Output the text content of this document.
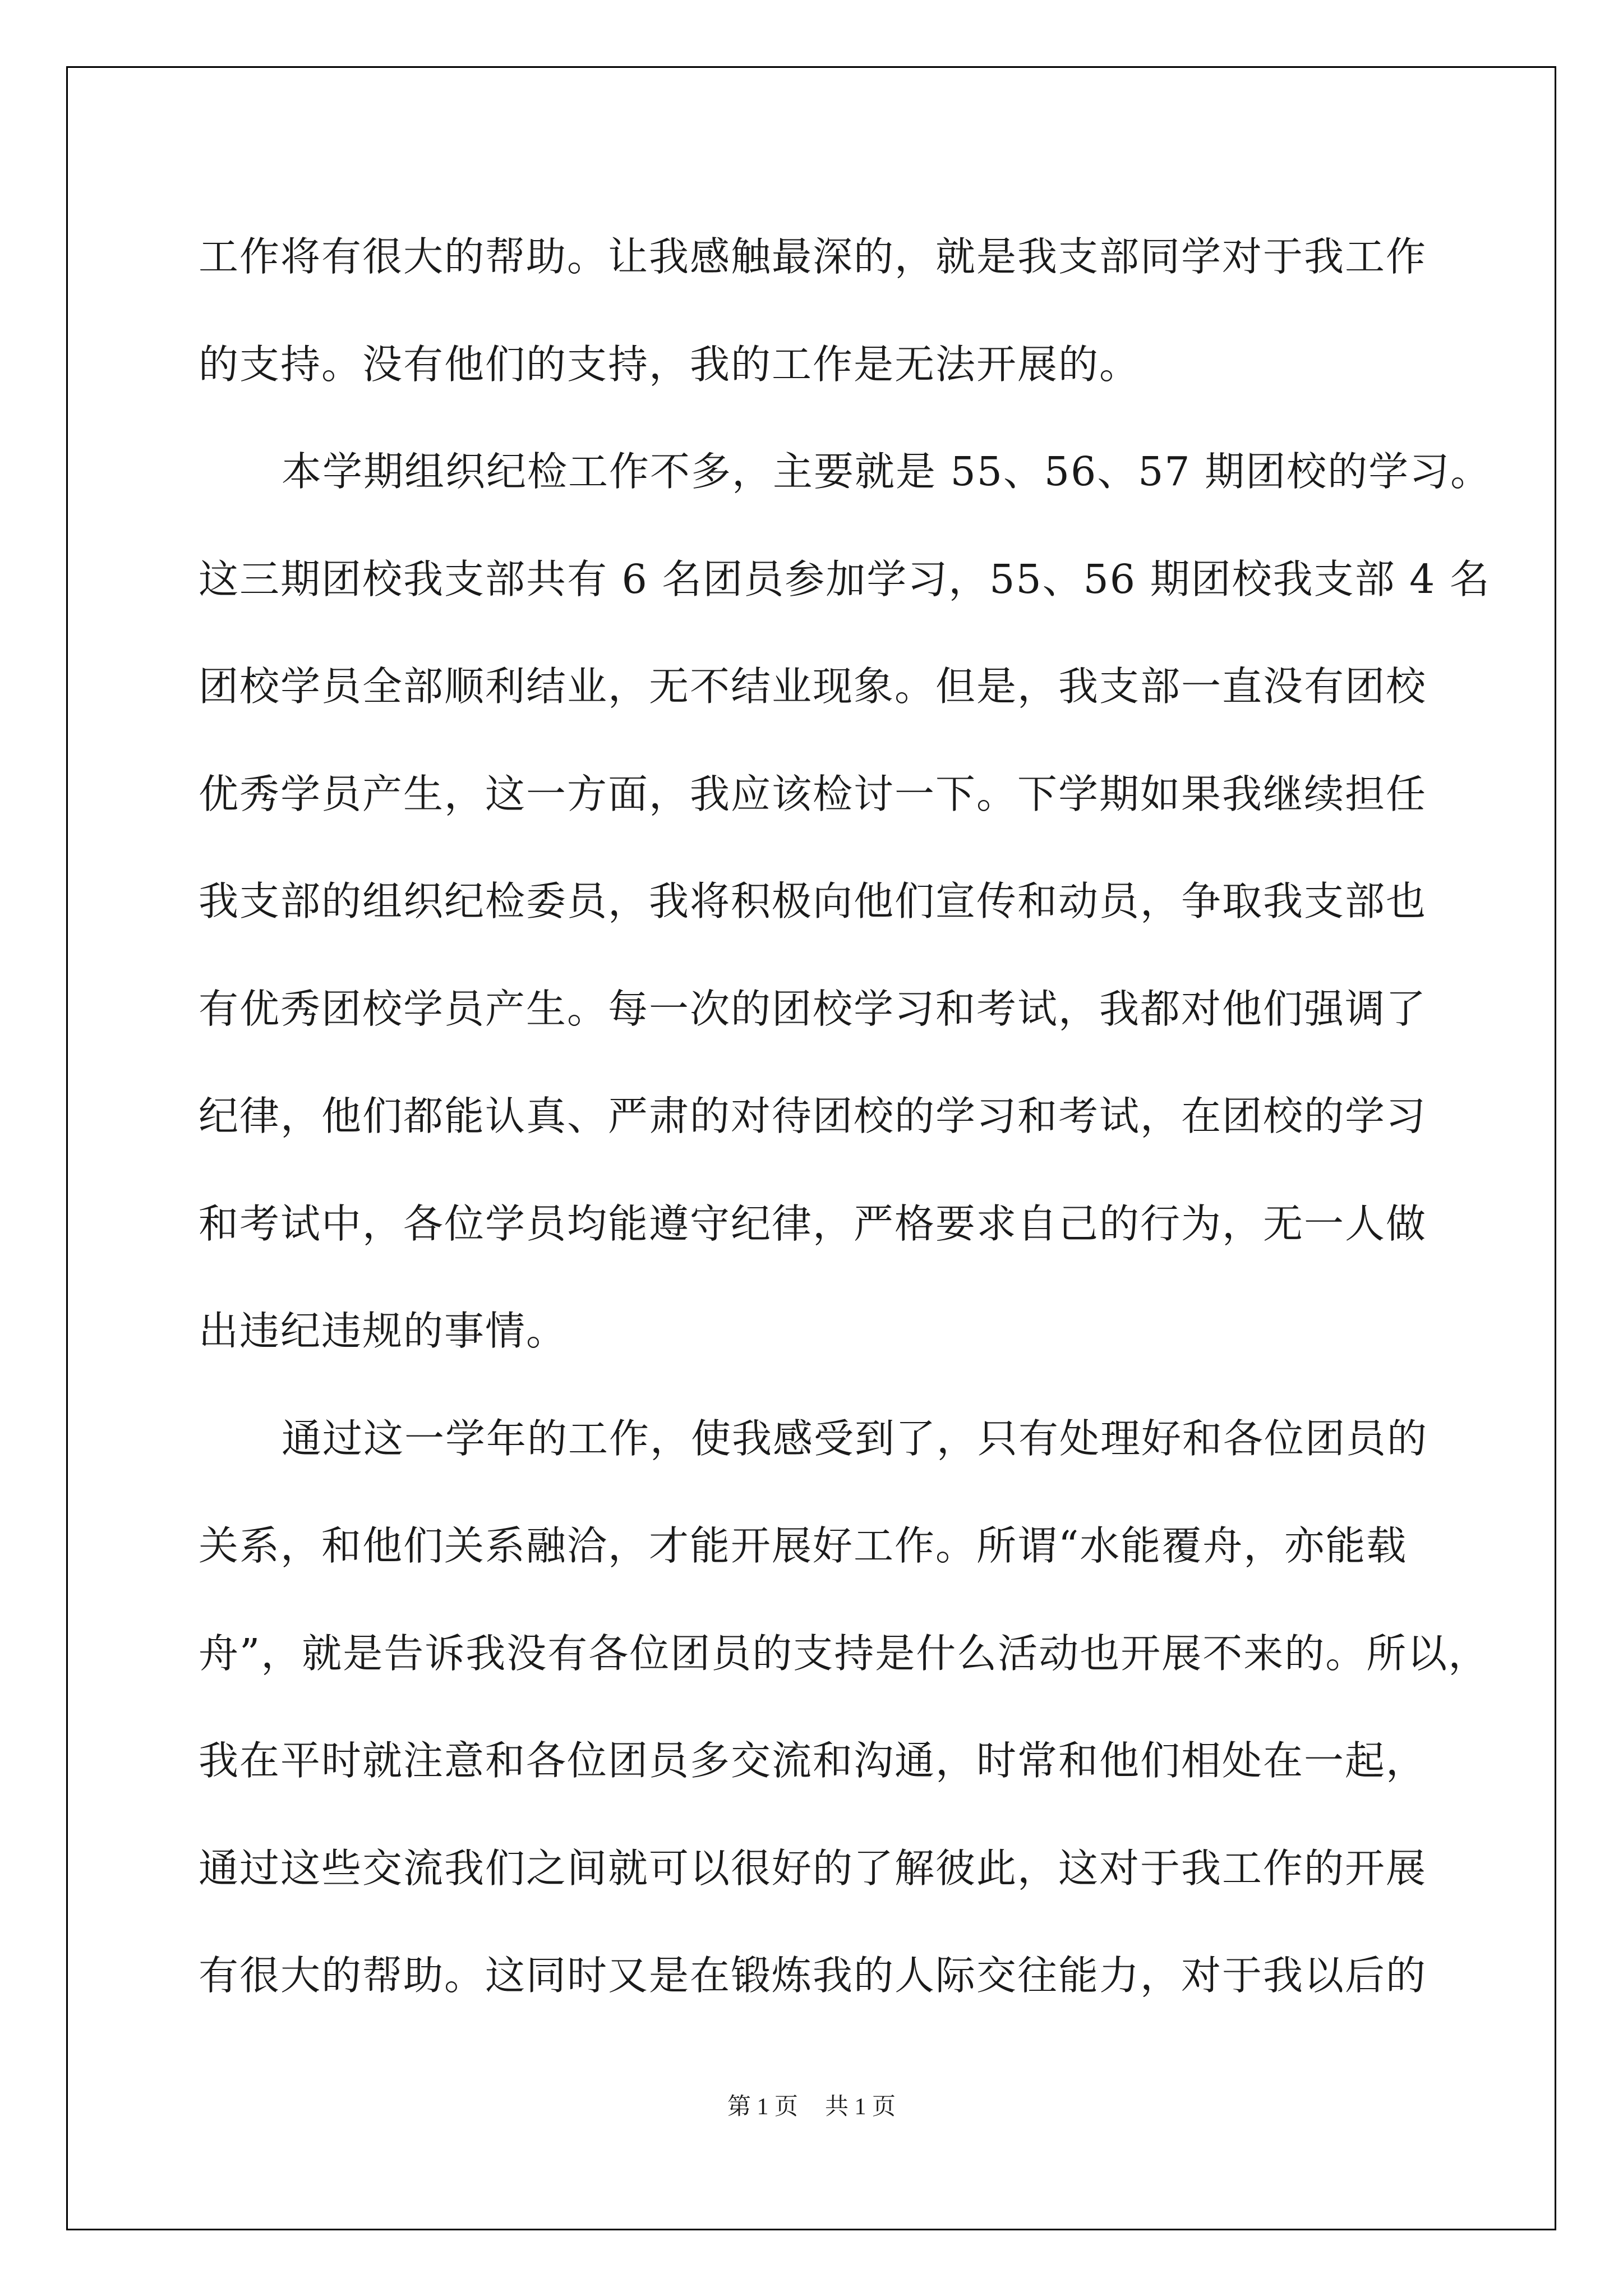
工作将有很大的帮助。让我感触最深的，就是我支部同学对于我工作
的支持。没有他们的支持，我的工作是无法开展的。
本学期组织纪检工作不多，主要就是 55、56、57 期团校的学习。
这三期团校我支部共有 6 名团员参加学习，55、56 期团校我支部 4 名
团校学员全部顺利结业，无不结业现象。但是，我支部一直没有团校
优秀学员产生，这一方面，我应该检讨一下。下学期如果我继续担任
我支部的组织纪检委员，我将积极向他们宣传和动员，争取我支部也
有优秀团校学员产生。每一次的团校学习和考试，我都对他们强调了
纪律，他们都能认真、严肃的对待团校的学习和考试，在团校的学习
和考试中，各位学员均能遵守纪律，严格要求自己的行为，无一人做
出违纪违规的事情。
通过这一学年的工作，使我感受到了，只有处理好和各位团员的
关系，和他们关系融洽，才能开展好工作。所谓“水能覆舟，亦能载
舟”，就是告诉我没有各位团员的支持是什么活动也开展不来的。所以，
我在平时就注意和各位团员多交流和沟通，时常和他们相处在一起，
通过这些交流我们之间就可以很好的了解彼此，这对于我工作的开展
有很大的帮助。这同时又是在锻炼我的人际交往能力，对于我以后的
第 1 页 共 1 页
